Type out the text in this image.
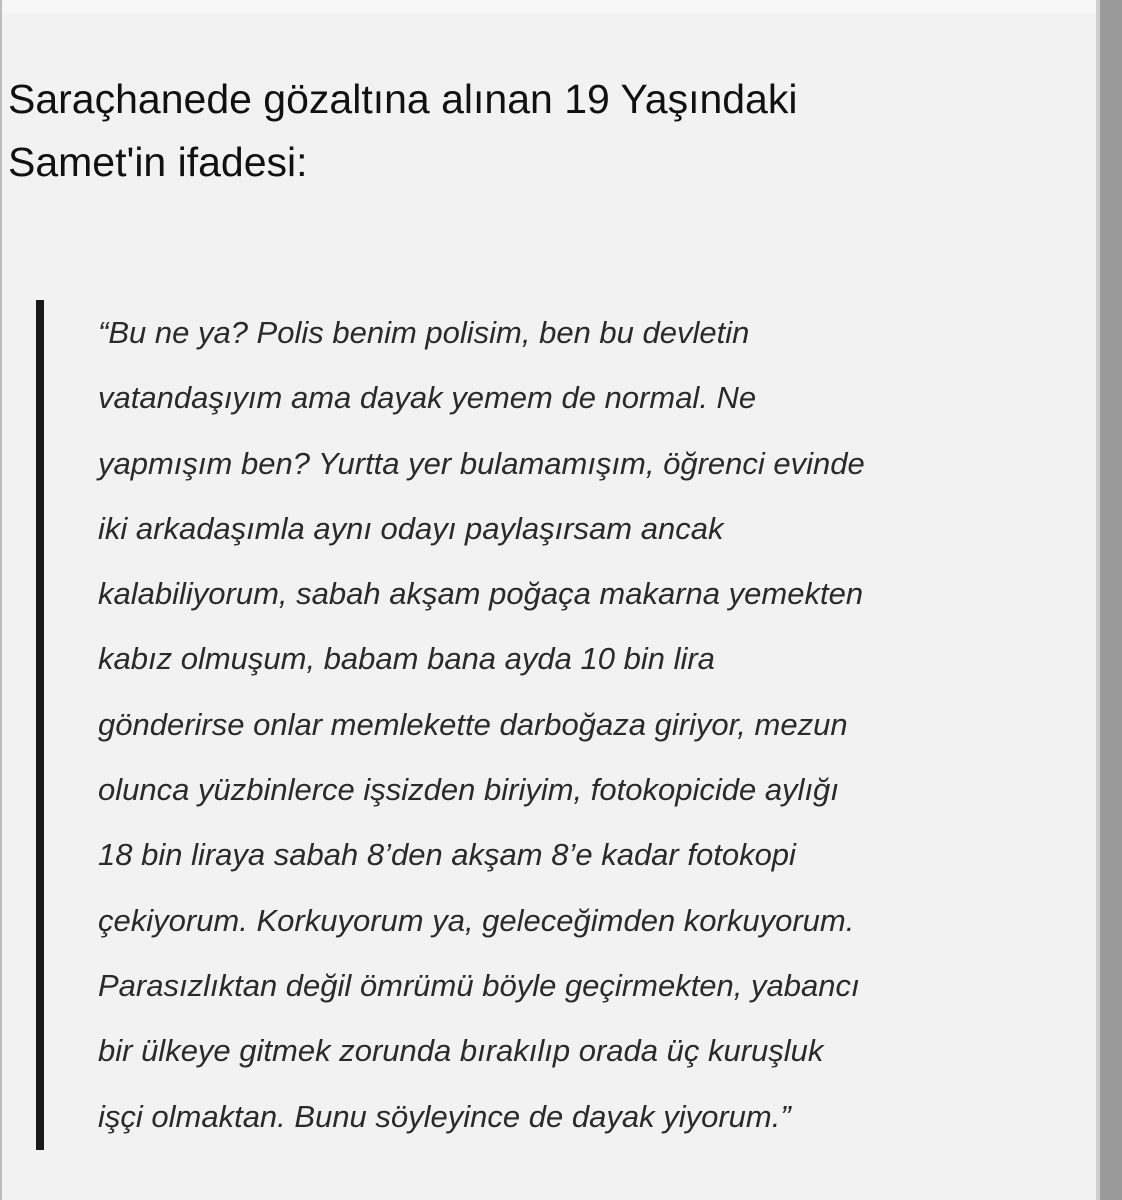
Saraçhanede gözaltına alınan 19 Yaşındaki
Samet'in ifadesi:

“Bu ne ya? Polis benim polisim, ben bu devletin
vatandaşıyım ama dayak yemem de normal. Ne
yapmışım ben? Yurtta yer bulamamışım, öğrenci evinde
iki arkadaşımla aynı odayı paylaşırsam ancak
kalabiliyorum, sabah akşam poğaça makarna yemekten
kabız olmuşum, babam bana ayda 10 bin lira
gönderirse onlar memlekette darboğaza giriyor, mezun
olunca yüzbinlerce işsizden biriyim, fotokopicide aylığı
18 bin liraya sabah 8’den akşam 8’e kadar fotokopi
çekiyorum. Korkuyorum ya, geleceğimden korkuyorum.
Parasızlıktan değil ömrümü böyle geçirmekten, yabancı
bir ülkeye gitmek zorunda bırakılıp orada üç kuruşluk
işçi olmaktan. Bunu söyleyince de dayak yiyorum.”
